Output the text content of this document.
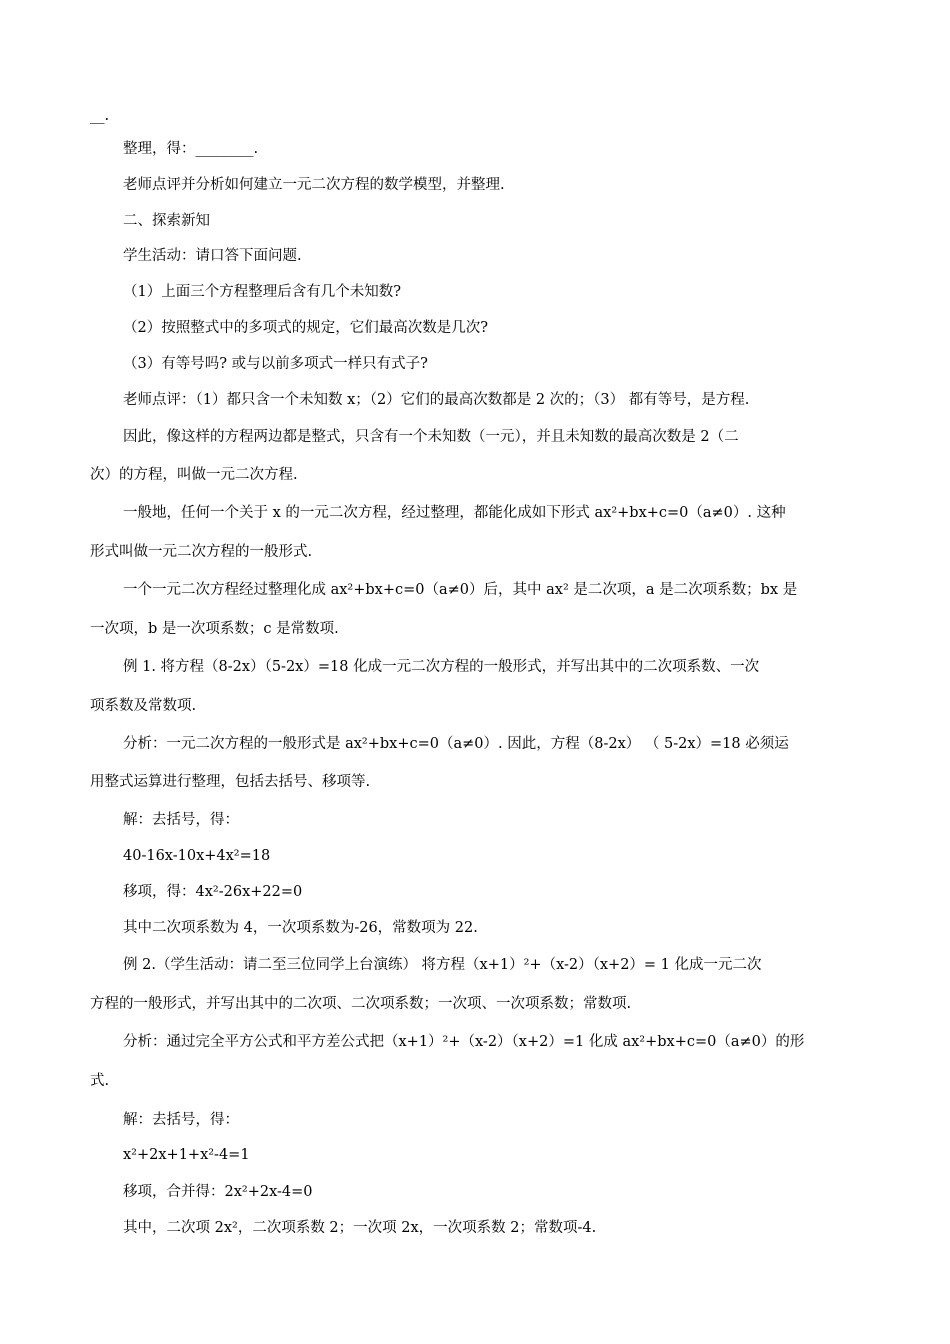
__.
整理，得：________.
老师点评并分析如何建立一元二次方程的数学模型，并整理.
二、探索新知
学生活动：请口答下面问题.
（1）上面三个方程整理后含有几个未知数?
（2）按照整式中的多项式的规定，它们最高次数是几次?
（3）有等号吗? 或与以前多项式一样只有式子?
老师点评：（1）都只含一个未知数 x；（2）它们的最高次数都是 2 次的；（3） 都有等号，是方程.
因此，像这样的方程两边都是整式，只含有一个未知数（一元），并且未知数的最高次数是 2（二
次）的方程，叫做一元二次方程.
一般地，任何一个关于 x 的一元二次方程，经过整理，都能化成如下形式 ax²+bx+c=0（a≠0）. 这种
形式叫做一元二次方程的一般形式.
一个一元二次方程经过整理化成 ax²+bx+c=0（a≠0）后，其中 ax² 是二次项，a 是二次项系数；bx 是
一次项，b 是一次项系数；c 是常数项.
例 1. 将方程（8-2x）（5-2x）=18 化成一元二次方程的一般形式，并写出其中的二次项系数、一次
项系数及常数项.
分析：一元二次方程的一般形式是 ax²+bx+c=0（a≠0）. 因此，方程（8-2x） （ 5-2x）=18 必须运
用整式运算进行整理，包括去括号、移项等.
解：去括号，得：
40-16x-10x+4x²=18
移项，得：4x²-26x+22=0
其中二次项系数为 4，一次项系数为-26，常数项为 22.
例 2.（学生活动：请二至三位同学上台演练） 将方程（x+1）²+（x-2）（x+2）= 1 化成一元二次
方程的一般形式，并写出其中的二次项、二次项系数；一次项、一次项系数；常数项.
分析：通过完全平方公式和平方差公式把（x+1）²+（x-2）（x+2）=1 化成 ax²+bx+c=0（a≠0）的形
式.
解：去括号，得：
x²+2x+1+x²-4=1
移项，合并得：2x²+2x-4=0
其中，二次项 2x²，二次项系数 2；一次项 2x，一次项系数 2；常数项-4.
